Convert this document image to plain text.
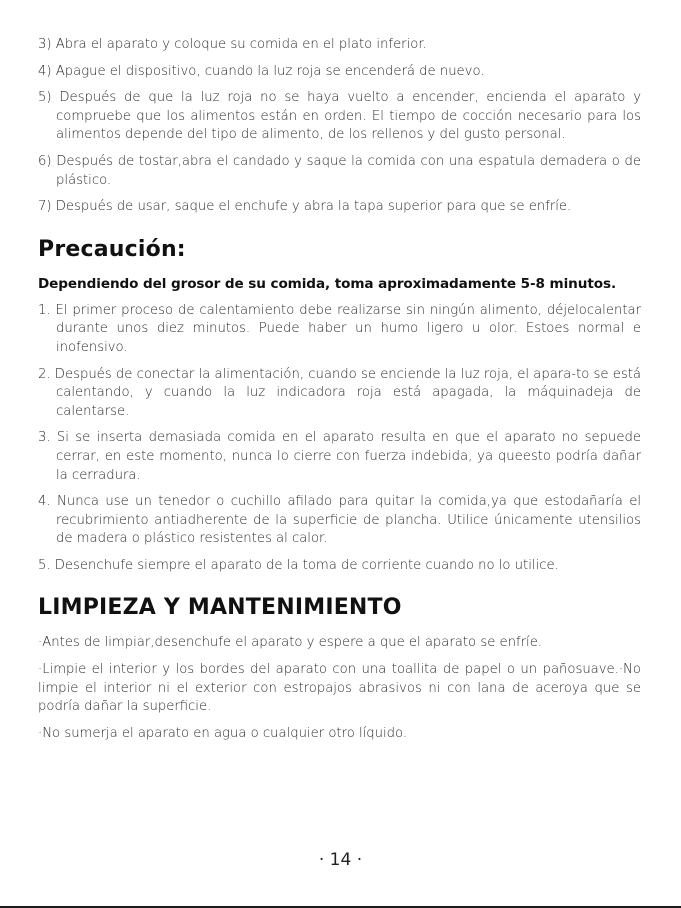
3) Abra el aparato y coloque su comida en el plato inferior.

4) Apague el dispositivo, cuando la luz roja se encenderá de nuevo.

5) Después de que la luz roja no se haya vuelto a encender, encienda el aparato y compruebe que los alimentos están en orden. El tiempo de cocción necesario para los alimentos depende del tipo de alimento, de los rellenos y del gusto personal.

6) Después de tostar,abra el candado y saque la comida con una espatula demadera o de plástico.

7) Después de usar, saque el enchufe y abra la tapa superior para que se enfríe.

Precaución:

Dependiendo del grosor de su comida, toma aproximadamente 5-8 minutos.

1. El primer proceso de calentamiento debe realizarse sin ningún alimento, déjelocalentar durante unos diez minutos. Puede haber un humo ligero u olor. Estoes normal e inofensivo.

2. Después de conectar la alimentación, cuando se enciende la luz roja, el apara-to se está calentando, y cuando la luz indicadora roja está apagada, la máquinadeja de calentarse.

3. Si se inserta demasiada comida en el aparato resulta en que el aparato no sepuede cerrar, en este momento, nunca lo cierre con fuerza indebida, ya queesto podría dañar la cerradura.

4. Nunca use un tenedor o cuchillo afilado para quitar la comida,ya que estodañaría el recubrimiento antiadherente de la superficie de plancha. Utilice únicamente utensilios de madera o plástico resistentes al calor.

5. Desenchufe siempre el aparato de la toma de corriente cuando no lo utilice.

LIMPIEZA Y MANTENIMIENTO

·Antes de limpiar,desenchufe el aparato y espere a que el aparato se enfríe.

·Limpie el interior y los bordes del aparato con una toallita de papel o un pañosuave.·No limpie el interior ni el exterior con estropajos abrasivos ni con lana de aceroya que se podría dañar la superficie.

·No sumerja el aparato en agua o cualquier otro líquido.

· 14 ·
